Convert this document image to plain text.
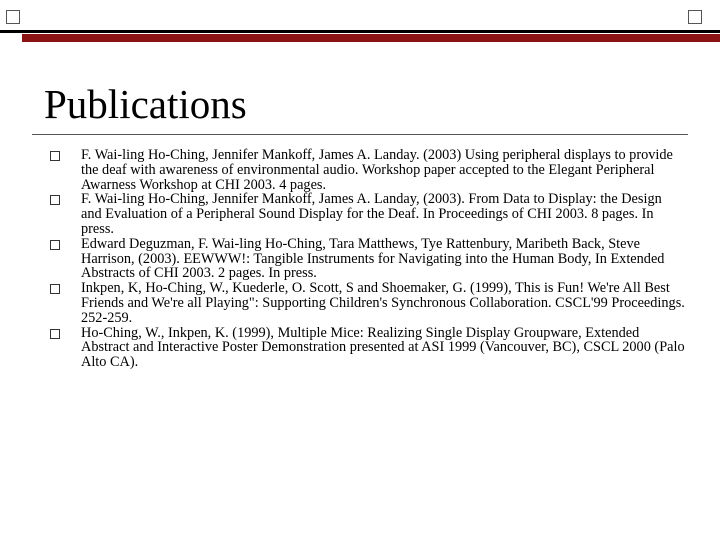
Publications
F. Wai-ling Ho-Ching, Jennifer Mankoff, James A. Landay. (2003) Using peripheral displays to provide the deaf with awareness of environmental audio. Workshop paper accepted to the Elegant Peripheral Awarness Workshop at CHI 2003. 4 pages.
F. Wai-ling Ho-Ching, Jennifer Mankoff, James A. Landay, (2003). From Data to Display: the Design and Evaluation of a Peripheral Sound Display for the Deaf. In Proceedings of CHI 2003. 8 pages. In press.
Edward Deguzman, F. Wai-ling Ho-Ching, Tara Matthews, Tye Rattenbury, Maribeth Back, Steve Harrison, (2003). EEWWW!: Tangible Instruments for Navigating into the Human Body, In Extended Abstracts of CHI 2003. 2 pages. In press.
Inkpen, K, Ho-Ching, W., Kuederle, O. Scott, S and Shoemaker, G. (1999), This is Fun! We're All Best Friends and We're all Playing": Supporting Children's Synchronous Collaboration. CSCL'99 Proceedings. 252-259.
Ho-Ching, W., Inkpen, K. (1999), Multiple Mice: Realizing Single Display Groupware, Extended Abstract and Interactive Poster Demonstration presented at ASI 1999 (Vancouver, BC), CSCL 2000 (Palo Alto CA).
